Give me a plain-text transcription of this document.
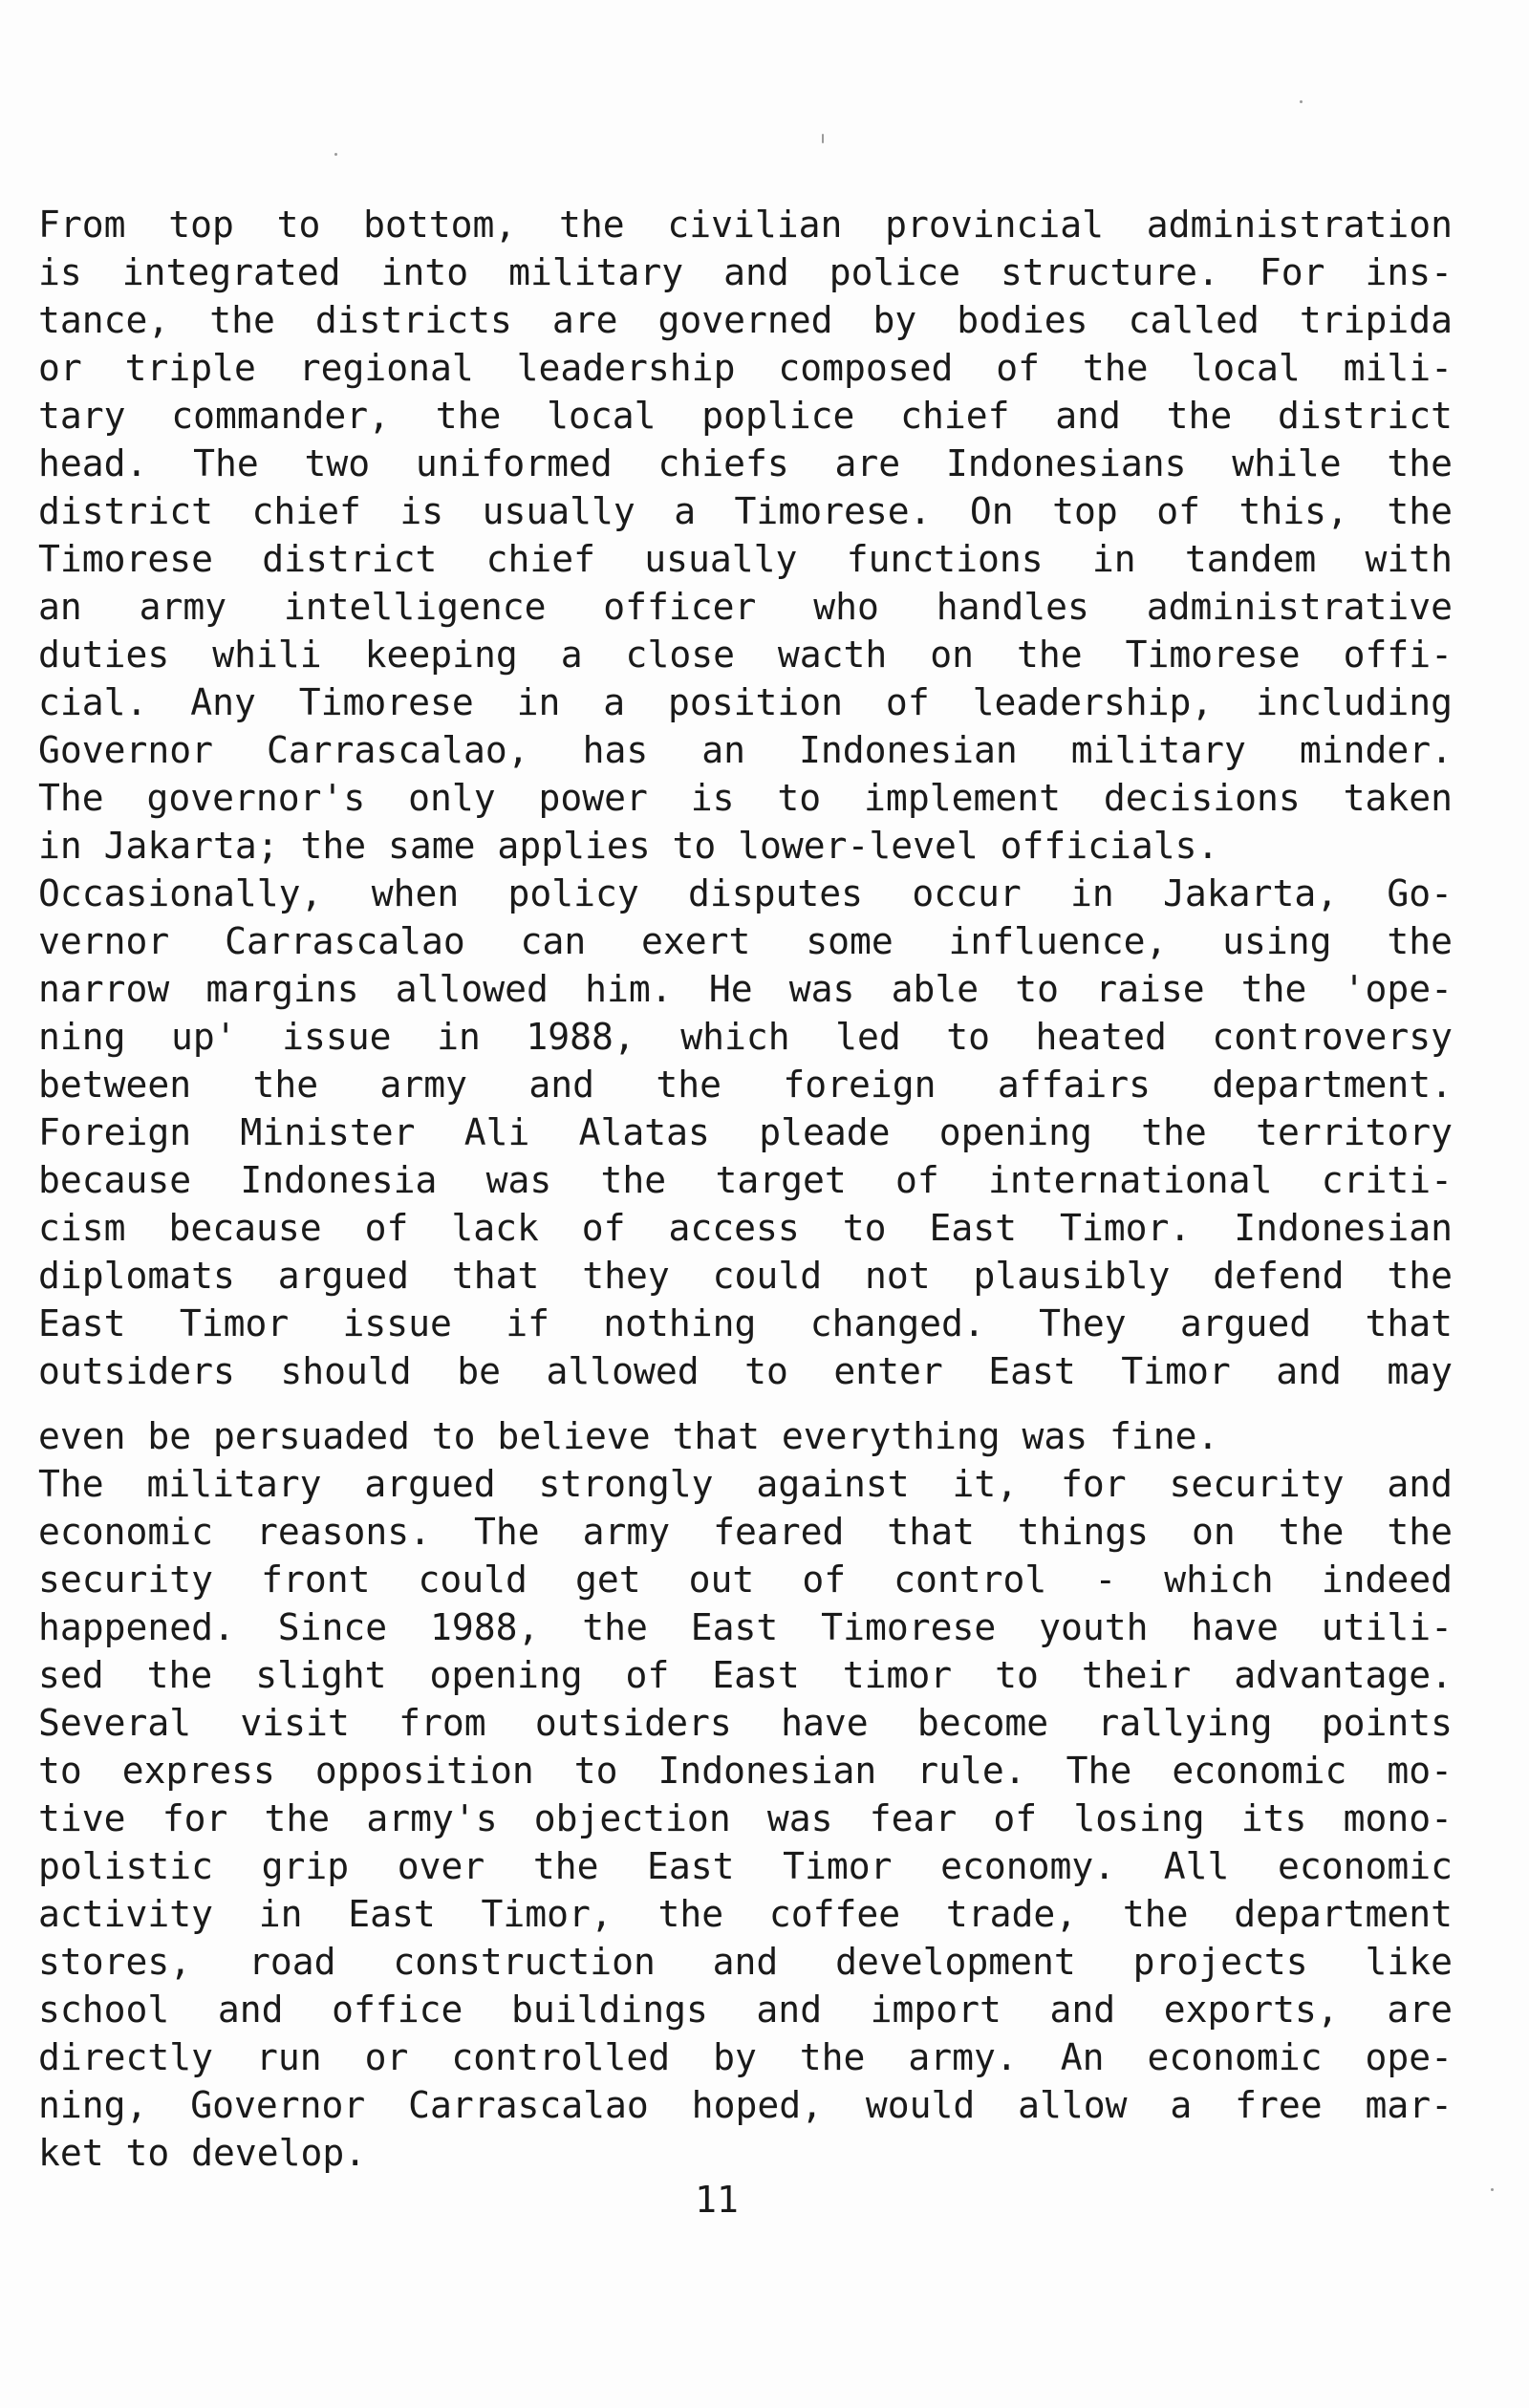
From top to bottom, the civilian provincial administration
is integrated into military and police structure. For ins-
tance, the districts are governed by bodies called tripida
or triple regional leadership composed of the local mili-
tary commander, the local poplice chief and the district
head. The two uniformed chiefs are Indonesians while the
district chief is usually a Timorese. On top of this, the
Timorese district chief usually functions in tandem with
an army intelligence officer who handles administrative
duties whili keeping a close wacth on the Timorese offi-
cial. Any Timorese in a position of leadership, including
Governor Carrascalao, has an Indonesian military minder.
The governor's only power is to implement decisions taken
in Jakarta; the same applies to lower-level officials.
Occasionally, when policy disputes occur in Jakarta, Go-
vernor Carrascalao can exert some influence, using the
narrow margins allowed him. He was able to raise the 'ope-
ning up' issue in 1988, which led to heated controversy
between the army and the foreign affairs department.
Foreign Minister Ali Alatas pleade opening the territory
because Indonesia was the target of international criti-
cism because of lack of access to East Timor. Indonesian
diplomats argued that they could not plausibly defend the
East Timor issue if nothing changed. They argued that
outsiders should be allowed to enter East Timor and may
even be persuaded to believe that everything was fine.
The military argued strongly against it, for security and
economic reasons. The army feared that things on the the
security front could get out of control - which indeed
happened. Since 1988, the East Timorese youth have utili-
sed the slight opening of East timor to their advantage.
Several visit from outsiders have become rallying points
to express opposition to Indonesian rule. The economic mo-
tive for the army's objection was fear of losing its mono-
polistic grip over the East Timor economy. All economic
activity in East Timor, the coffee trade, the department
stores, road construction and development projects like
school and office buildings and import and exports, are
directly run or controlled by the army. An economic ope-
ning, Governor Carrascalao hoped, would allow a free mar-
ket to develop.
11
